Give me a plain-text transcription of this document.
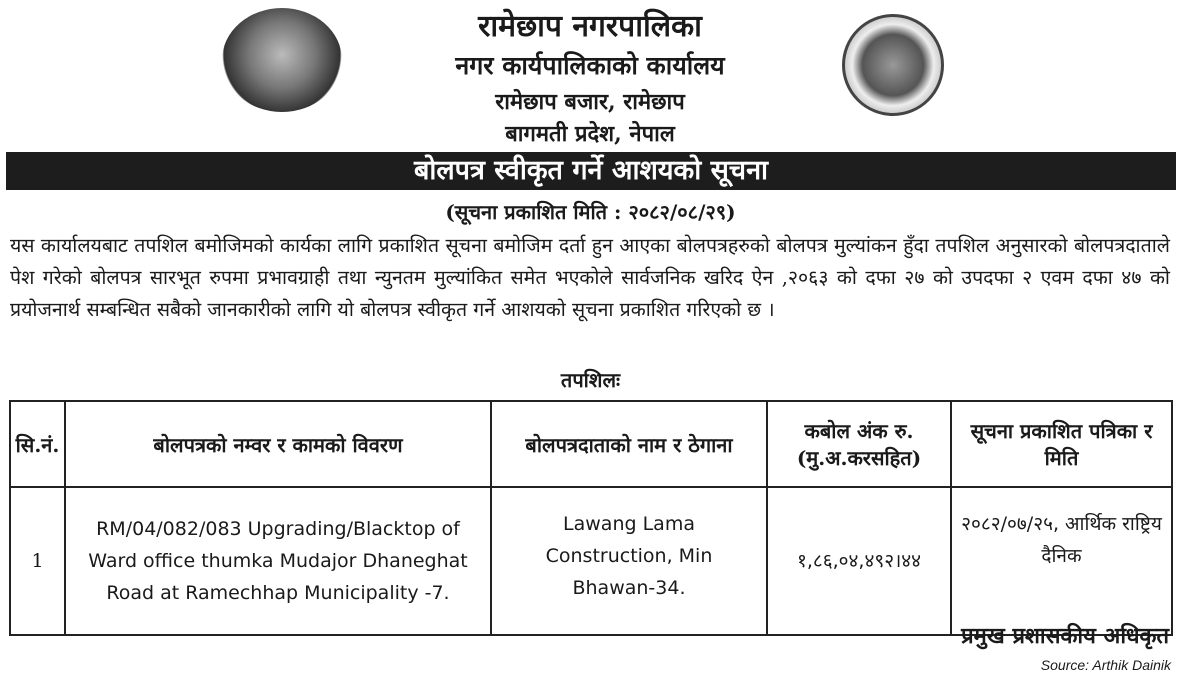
रामेछाप नगरपालिका
नगर कार्यपालिकाको कार्यालय
रामेछाप बजार, रामेछाप
बागमती प्रदेश, नेपाल
बोलपत्र स्वीकृत गर्ने आशयको सूचना
(सूचना प्रकाशित मिति : २०८२/०८/२९)
यस कार्यालयबाट तपशिल बमोजिमको कार्यका लागि प्रकाशित सूचना बमोजिम दर्ता हुन आएका बोलपत्रहरुको बोलपत्र मुल्यांकन हुँदा तपशिल अनुसारको बोलपत्रदाताले पेश गरेको बोलपत्र सारभूत रुपमा प्रभावग्राही तथा न्युनतम मुल्यांकित समेत भएकोले सार्वजनिक खरिद ऐन ,२०६३ को दफा २७ को उपदफा २ एवम दफा ४७ को प्रयोजनार्थ सम्बन्धित सबैको जानकारीको लागि यो बोलपत्र स्वीकृत गर्ने आशयको सूचना प्रकाशित गरिएको छ ।
तपशिलः
सि.नं.	बोलपत्रको नम्वर र कामको विवरण	बोलपत्रदाताको नाम र ठेगाना	कबोल अंक रु. (मु.अ.करसहित)	सूचना प्रकाशित पत्रिका र मिति
1	RM/04/082/083 Upgrading/Blacktop of Ward office thumka Mudajor Dhaneghat Road at Ramechhap Municipality -7.	Lawang Lama Construction, Min Bhawan-34.	१,८६,०४,४९२।४४	२०८२/०७/२५, आर्थिक राष्ट्रिय दैनिक
प्रमुख प्रशासकीय अधिकृत
Source: Arthik Dainik
